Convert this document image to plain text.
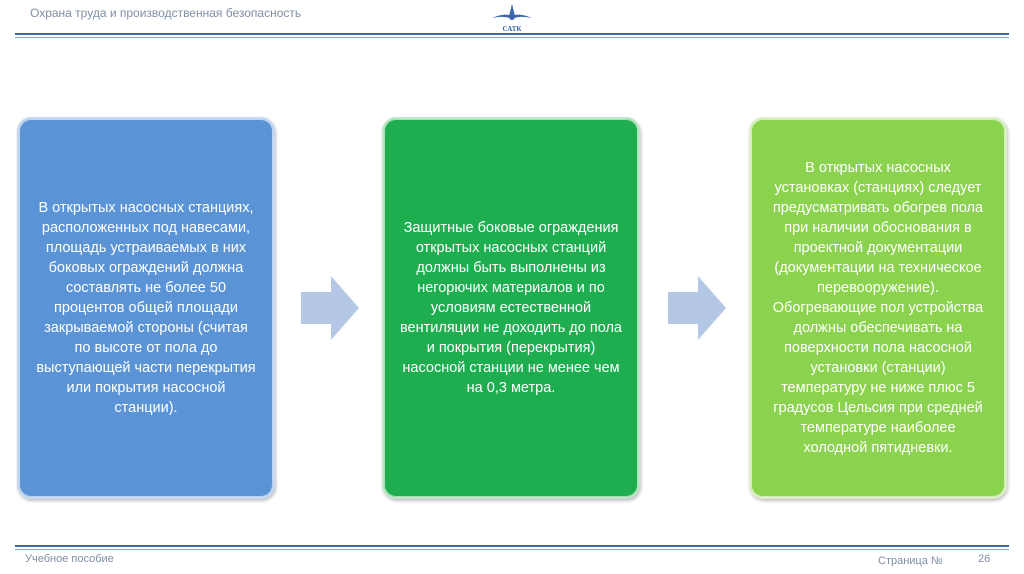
Охрана труда и производственная безопасность
САТК
В открытых насосных станциях, расположенных под навесами, площадь устраиваемых в них боковых ограждений должна составлять не более 50 процентов общей площади закрываемой стороны (считая по высоте от пола до выступающей части перекрытия или покрытия насосной станции).
Защитные боковые ограждения открытых насосных станций должны быть выполнены из негорючих материалов и по условиям естественной вентиляции не доходить до пола и покрытия (перекрытия) насосной станции не менее чем на 0,3 метра.
В открытых насосных установках (станциях) следует предусматривать обогрев пола при наличии обоснования в проектной документации (документации на техническое перевооружение). Обогревающие пол устройства должны обеспечивать на поверхности пола насосной установки (станции) температуру не ниже плюс 5 градусов Цельсия при средней температуре наиболее холодной пятидневки.
Учебное пособие	Страница №	26
